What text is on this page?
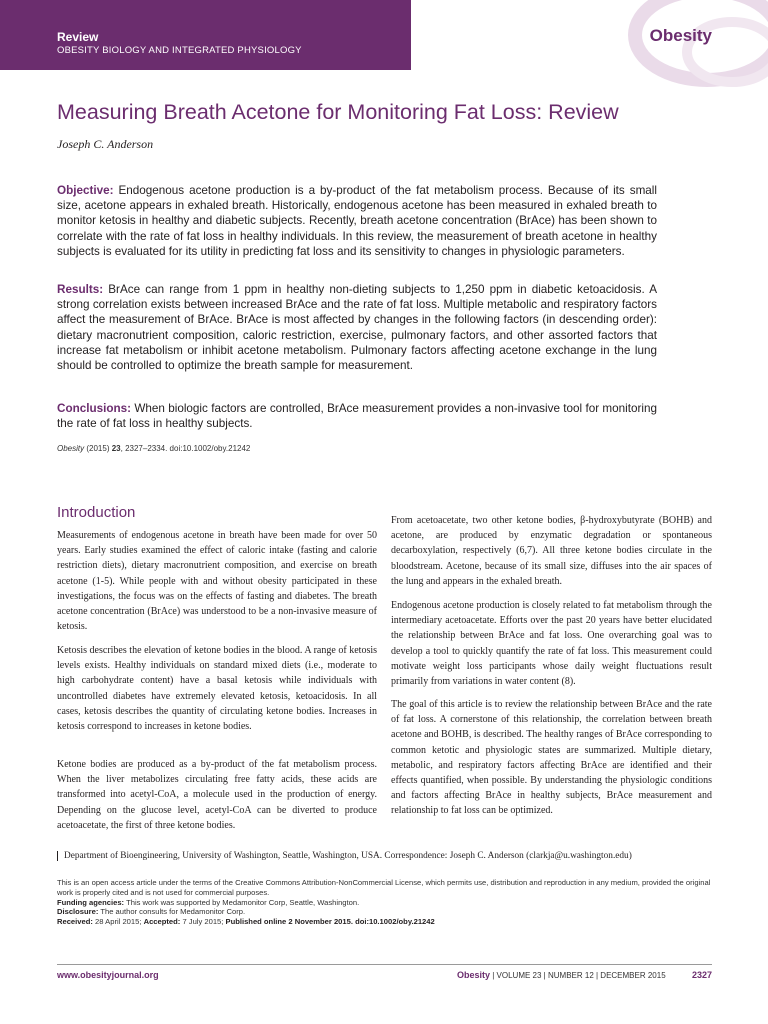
Review
OBESITY BIOLOGY AND INTEGRATED PHYSIOLOGY
Obesity
Measuring Breath Acetone for Monitoring Fat Loss: Review
Joseph C. Anderson
Objective: Endogenous acetone production is a by-product of the fat metabolism process. Because of its small size, acetone appears in exhaled breath. Historically, endogenous acetone has been measured in exhaled breath to monitor ketosis in healthy and diabetic subjects. Recently, breath acetone concentration (BrAce) has been shown to correlate with the rate of fat loss in healthy individuals. In this review, the measurement of breath acetone in healthy subjects is evaluated for its utility in predicting fat loss and its sensitivity to changes in physiologic parameters.
Results: BrAce can range from 1 ppm in healthy non-dieting subjects to 1,250 ppm in diabetic ketoacidosis. A strong correlation exists between increased BrAce and the rate of fat loss. Multiple metabolic and respiratory factors affect the measurement of BrAce. BrAce is most affected by changes in the following factors (in descending order): dietary macronutrient composition, caloric restriction, exercise, pulmonary factors, and other assorted factors that increase fat metabolism or inhibit acetone metabolism. Pulmonary factors affecting acetone exchange in the lung should be controlled to optimize the breath sample for measurement.
Conclusions: When biologic factors are controlled, BrAce measurement provides a non-invasive tool for monitoring the rate of fat loss in healthy subjects.
Obesity (2015) 23, 2327–2334. doi:10.1002/oby.21242
Introduction

Measurements of endogenous acetone in breath have been made for over 50 years. Early studies examined the effect of caloric intake (fasting and calorie restriction diets), dietary macronutrient composition, and exercise on breath acetone (1-5). While people with and without obesity participated in these investigations, the focus was on the effects of fasting and diabetes. The breath acetone concentration (BrAce) was understood to be a non-invasive measure of ketosis.

Ketosis describes the elevation of ketone bodies in the blood. A range of ketosis levels exists. Healthy individuals on standard mixed diets (i.e., moderate to high carbohydrate content) have a basal ketosis while individuals with uncontrolled diabetes have extremely elevated ketosis, ketoacidosis. In all cases, ketosis describes the quantity of circulating ketone bodies. Increases in ketosis correspond to increases in ketone bodies.

Ketone bodies are produced as a by-product of the fat metabolism process. When the liver metabolizes circulating free fatty acids, these acids are transformed into acetyl-CoA, a molecule used in the production of energy. Depending on the glucose level, acetyl-CoA can be diverted to produce acetoacetate, the first of three ketone bodies.

From acetoacetate, two other ketone bodies, β-hydroxybutyrate (BOHB) and acetone, are produced by enzymatic degradation or spontaneous decarboxylation, respectively (6,7). All three ketone bodies circulate in the bloodstream. Acetone, because of its small size, diffuses into the air spaces of the lung and appears in the exhaled breath.

Endogenous acetone production is closely related to fat metabolism through the intermediary acetoacetate. Efforts over the past 20 years have better elucidated the relationship between BrAce and fat loss. One overarching goal was to develop a tool to quickly quantify the rate of fat loss. This measurement could motivate weight loss participants whose daily weight fluctuations result primarily from variations in water content (8).

The goal of this article is to review the relationship between BrAce and the rate of fat loss. A cornerstone of this relationship, the correlation between breath acetone and BOHB, is described. The healthy ranges of BrAce corresponding to common ketotic and physiologic states are summarized. Multiple dietary, metabolic, and respiratory factors affecting BrAce are identified and their effects quantified, when possible. By understanding the physiologic conditions and factors affecting BrAce in healthy subjects, BrAce measurement and relationship to fat loss can be optimized.

Department of Bioengineering, University of Washington, Seattle, Washington, USA. Correspondence: Joseph C. Anderson (clarkja@u.washington.edu)

This is an open access article under the terms of the Creative Commons Attribution-NonCommercial License, which permits use, distribution and reproduction in any medium, provided the original work is properly cited and is not used for commercial purposes.

Funding agencies: This work was supported by Medamonitor Corp, Seattle, Washington.

Disclosure: The author consults for Medamonitor Corp.

Received: 28 April 2015; Accepted: 7 July 2015; Published online 2 November 2015. doi:10.1002/oby.21242

www.obesityjournal.org	Obesity | VOLUME 23 | NUMBER 12 | DECEMBER 2015	2327
